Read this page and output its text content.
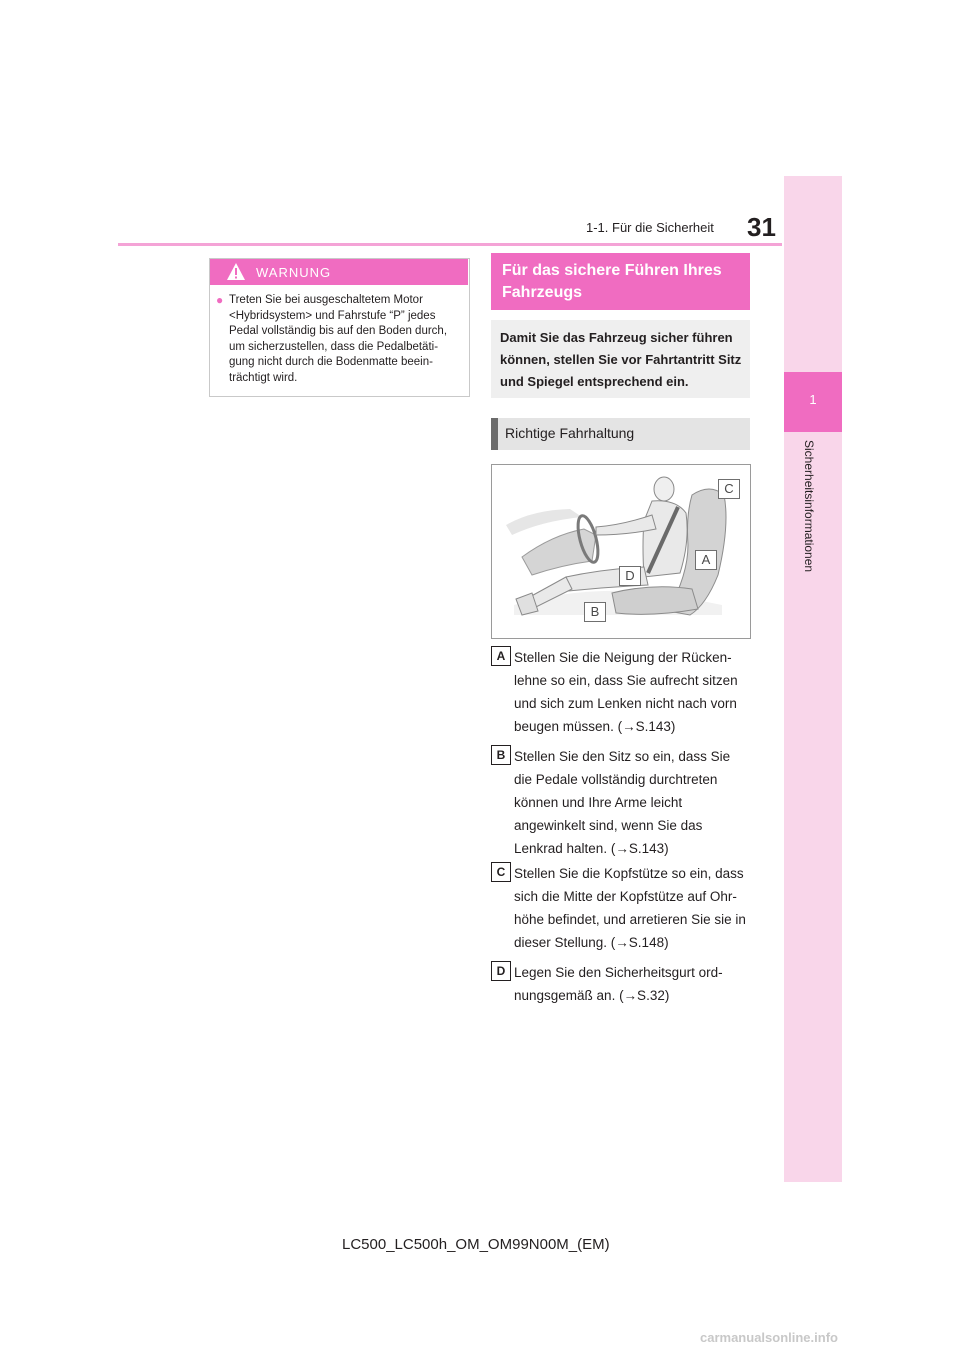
1-1. Für die Sicherheit 31
1
Sicherheitsinformationen
WARNUNG
● Treten Sie bei ausgeschaltetem Motor <Hybridsystem> und Fahrstufe “P” jedes Pedal vollständig bis auf den Boden durch, um sicherzustellen, dass die Pedalbetäti- gung nicht durch die Bodenmatte beein- trächtigt wird.
Für das sichere Führen Ihres Fahrzeugs
Damit Sie das Fahrzeug sicher führen können, stellen Sie vor Fahrtantritt Sitz und Spiegel entsprechend ein.
Richtige Fahrhaltung
C
A
D
B
A Stellen Sie die Neigung der Rücken- lehne so ein, dass Sie aufrecht sitzen und sich zum Lenken nicht nach vorn beugen müssen. (→S.143)
B Stellen Sie den Sitz so ein, dass Sie die Pedale vollständig durchtreten können und Ihre Arme leicht angewinkelt sind, wenn Sie das Lenkrad halten. (→S.143)
C Stellen Sie die Kopfstütze so ein, dass sich die Mitte der Kopfstütze auf Ohr- höhe befindet, und arretieren Sie sie in dieser Stellung. (→S.148)
D Legen Sie den Sicherheitsgurt ord- nungsgemäß an. (→S.32)
LC500_LC500h_OM_OM99N00M_(EM)
carmanualsonline.info
